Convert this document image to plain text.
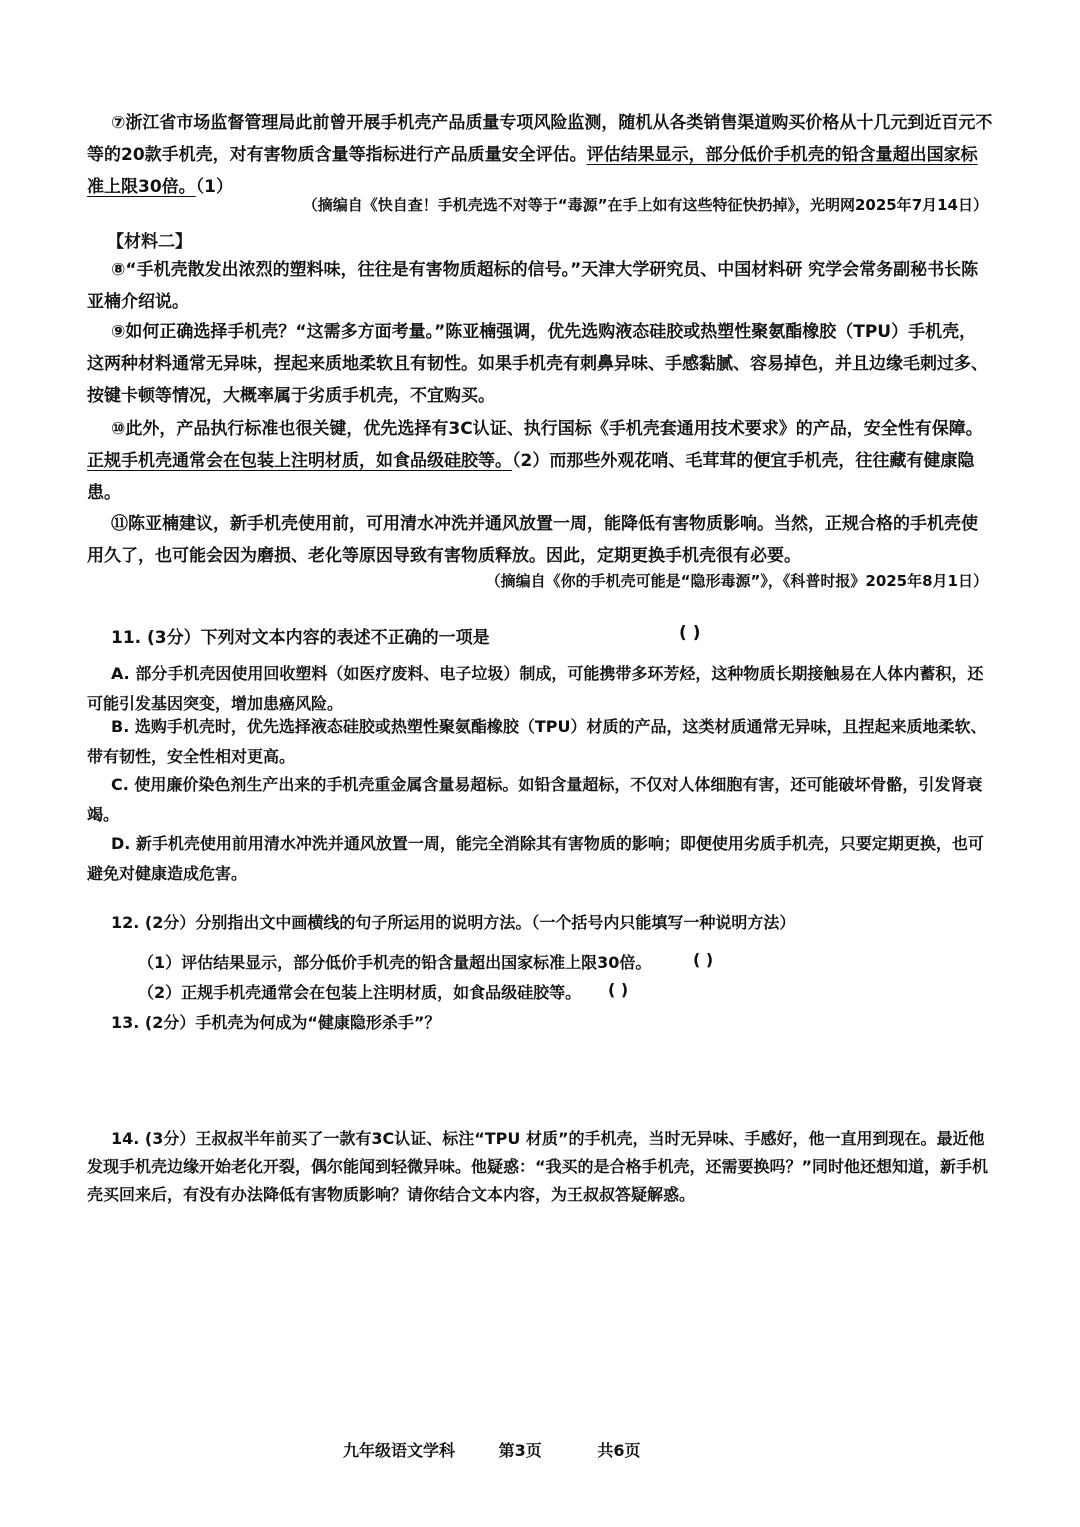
⑦浙江省市场监督管理局此前曾开展手机壳产品质量专项风险监测，随机从各类销售渠道购买价格从十几元到近百元不等的20款手机壳，对有害物质含量等指标进行产品质量安全评估。评估结果显示，部分低价手机壳的铅含量超出国家标准上限30倍。（1）
（摘编自《快自查！手机壳选不对等于“毒源”在手上如有这些特征快扔掉》，光明网2025年7月14日）
【材料二】
⑧“手机壳散发出浓烈的塑料味，往往是有害物质超标的信号。”天津大学研究员、中国材料研 究学会常务副秘书长陈亚楠介绍说。
⑨如何正确选择手机壳？“这需多方面考量。”陈亚楠强调，优先选购液态硅胶或热塑性聚氨酯橡胶（TPU）手机壳，这两种材料通常无异味，捏起来质地柔软且有韧性。如果手机壳有刺鼻异味、手感黏腻、容易掉色，并且边缘毛刺过多、按键卡顿等情况，大概率属于劣质手机壳，不宜购买。
⑩此外，产品执行标准也很关键，优先选择有3C认证、执行国标《手机壳套通用技术要求》的产品，安全性有保障。正规手机壳通常会在包装上注明材质，如食品级硅胶等。（2）而那些外观花哨、毛茸茸的便宜手机壳，往往藏有健康隐患。
⑪陈亚楠建议，新手机壳使用前，可用清水冲洗并通风放置一周，能降低有害物质影响。当然，正规合格的手机壳使用久了，也可能会因为磨损、老化等原因导致有害物质释放。因此，定期更换手机壳很有必要。
（摘编自《你的手机壳可能是“隐形毒源”》，《科普时报》2025年8月1日）
11. (3分）下列对文本内容的表述不正确的一项是	( )
A. 部分手机壳因使用回收塑料（如医疗废料、电子垃圾）制成，可能携带多环芳烃，这种物质长期接触易在人体内蓄积，还可能引发基因突变，增加患癌风险。
B. 选购手机壳时，优先选择液态硅胶或热塑性聚氨酯橡胶（TPU）材质的产品，这类材质通常无异味，且捏起来质地柔软、带有韧性，安全性相对更高。
C. 使用廉价染色剂生产出来的手机壳重金属含量易超标。如铅含量超标，不仅对人体细胞有害，还可能破坏骨骼，引发肾衰竭。
D. 新手机壳使用前用清水冲洗并通风放置一周，能完全消除其有害物质的影响；即便使用劣质手机壳，只要定期更换，也可避免对健康造成危害。
12. (2分）分别指出文中画横线的句子所运用的说明方法。（一个括号内只能填写一种说明方法）
（1）评估结果显示，部分低价手机壳的铅含量超出国家标准上限30倍。	( )
（2）正规手机壳通常会在包装上注明材质，如食品级硅胶等。 ( )
13. (2分）手机壳为何成为“健康隐形杀手”？
14. (3分）王叔叔半年前买了一款有3C认证、标注“TPU 材质”的手机壳，当时无异味、手感好，他一直用到现在。最近他发现手机壳边缘开始老化开裂，偶尔能闻到轻微异味。他疑惑：“我买的是合格手机壳，还需要换吗？”同时他还想知道，新手机壳买回来后，有没有办法降低有害物质影响？请你结合文本内容，为王叔叔答疑解惑。
九年级语文学科	第3页	共6页
